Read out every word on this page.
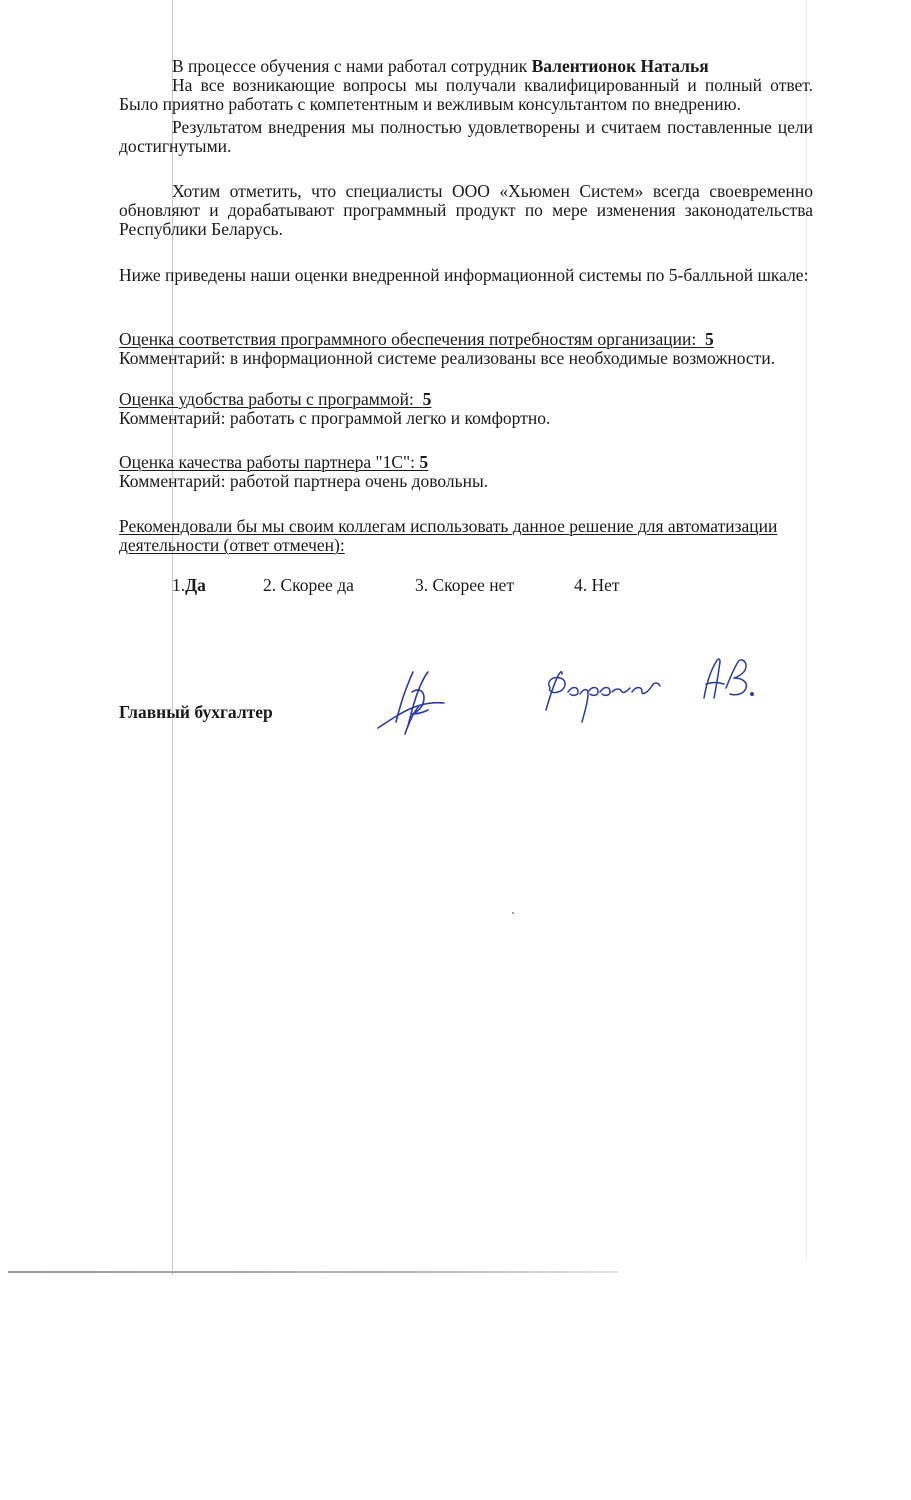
В процессе обучения с нами работал сотрудник Валентионок Наталья
На все возникающие вопросы мы получали квалифицированный и полный ответ. Было приятно работать с компетентным и вежливым консультантом по внедрению.
Результатом внедрения мы полностью удовлетворены и считаем поставленные цели достигнутыми.
Хотим отметить, что специалисты ООО «Хьюмен Систем» всегда своевременно обновляют и дорабатывают программный продукт по мере изменения законодательства Республики Беларусь.
Ниже приведены наши оценки внедренной информационной системы по 5-балльной шкале:
Оценка соответствия программного обеспечения потребностям организации: 5
Комментарий: в информационной системе реализованы все необходимые возможности.
Оценка удобства работы с программой: 5
Комментарий: работать с программой легко и комфортно.
Оценка качества работы партнера "1С": 5
Комментарий: работой партнера очень довольны.
Рекомендовали бы мы своим коллегам использовать данное решение для автоматизации деятельности (ответ отмечен):
1.Да	2. Скорее да	3. Скорее нет	4. Нет
Главный бухгалтер
